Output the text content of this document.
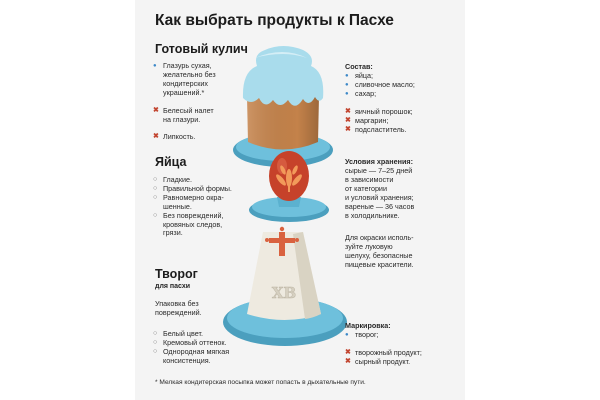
Как выбрать продукты к Пасхе
ХВ
Готовый кулич
● Глазурь сухая,
желательно без
кондитерских
украшений.*
✖ Белесый налет
на глазури.
✖ Липкость.
Состав:
● яйца;
● сливочное масло;
● сахар;
✖ яичный порошок;
✖ маргарин;
✖ подсластитель.
Яйца
○ Гладкие.
○ Правильной формы.
○ Равномерно окра-
шенные.
○ Без повреждений,
кровяных следов,
грязи.
Условия хранения:
сырые — 7–25 дней
в зависимости
от категории
и условий хранения;
вареные — 36 часов
в холодильнике.
Для окраски исполь-
зуйте луковую
шелуху, безопасные
пищевые красители.
Творог
для пасхи
Упаковка без
повреждений.
○ Белый цвет.
○ Кремовый оттенок.
○ Однородная мягкая
консистенция.
Маркировка:
● творог;
✖ творожный продукт;
✖ сырный продукт.
* Мелкая кондитерская посыпка может попасть в дыхательные пути.
